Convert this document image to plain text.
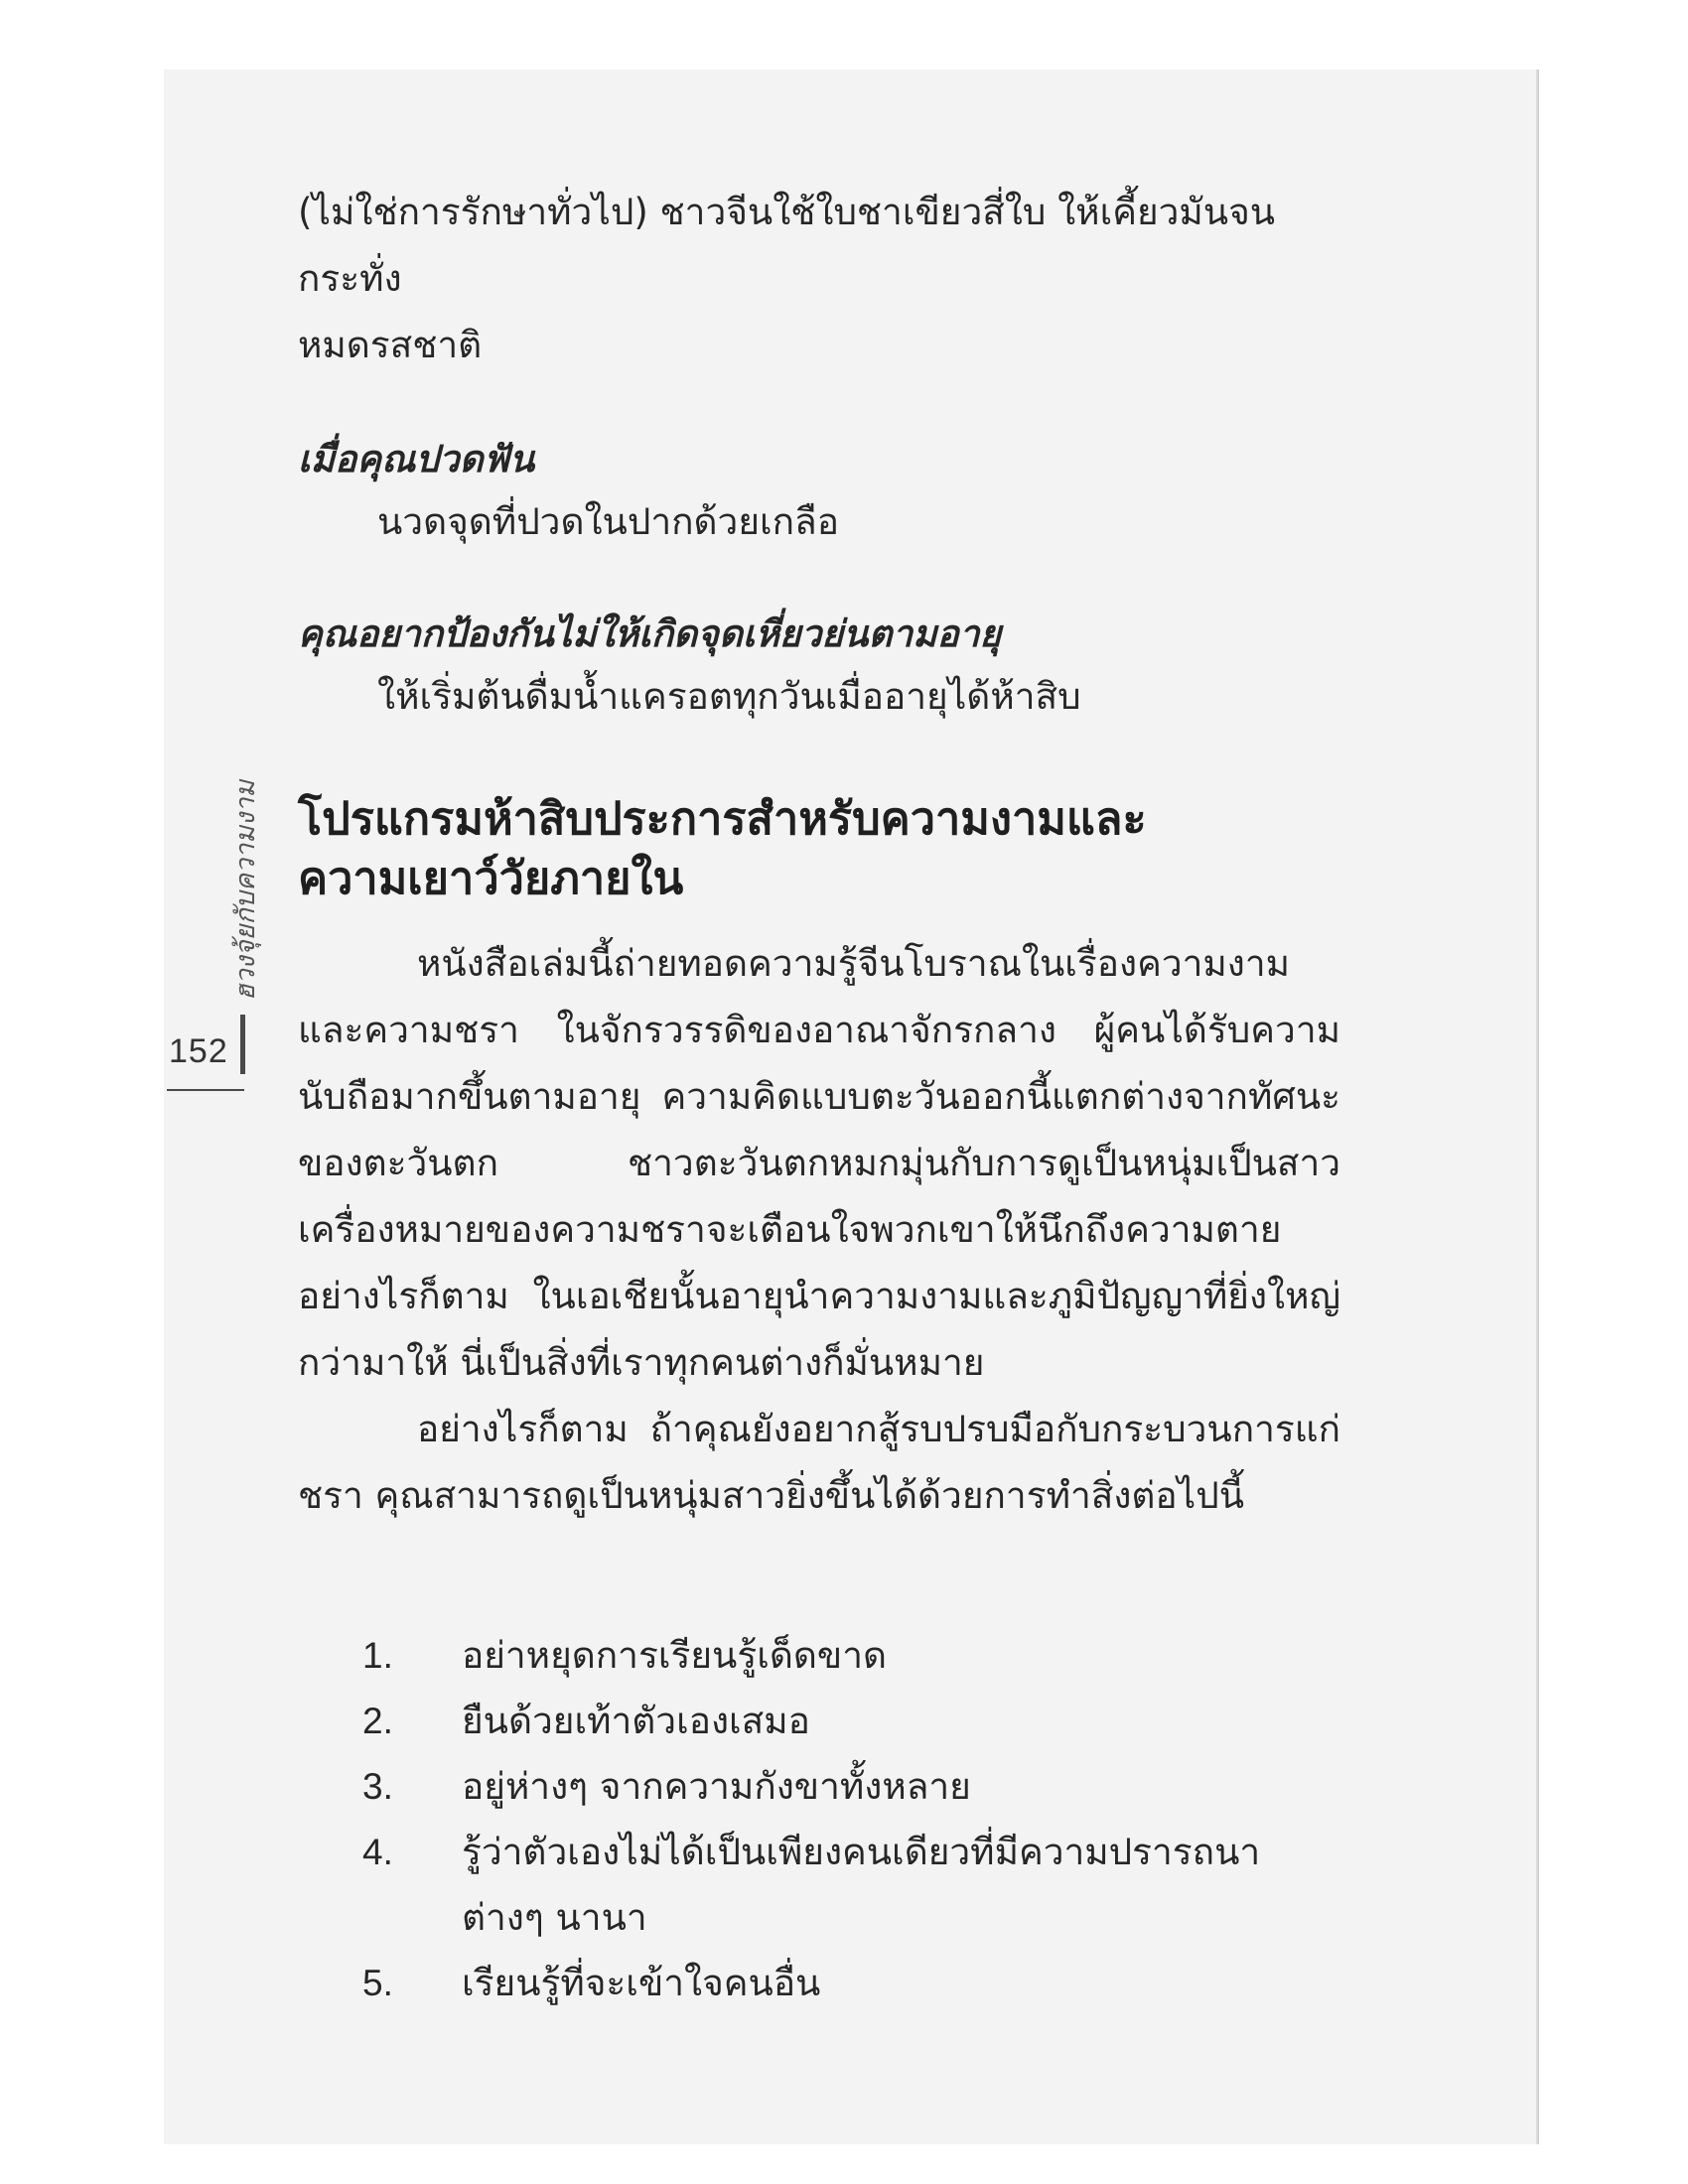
ฮวงจุ้ยกับความงาม
152

(ไม่ใช่การรักษาทั่วไป) ชาวจีนใช้ใบชาเขียวสี่ใบ ให้เคี้ยวมันจนกระทั่ง

หมดรสชาติ

เมื่อคุณปวดฟัน

นวดจุดที่ปวดในปากด้วยเกลือ

คุณอยากป้องกันไม่ให้เกิดจุดเหี่ยวย่นตามอายุ

ให้เริ่มต้นดื่มน้ำแครอตทุกวันเมื่ออายุได้ห้าสิบ

โปรแกรมห้าสิบประการสำหรับความงามและ
ความเยาว์วัยภายใน

หนังสือเล่มนี้ถ่ายทอดความรู้จีนโบราณในเรื่องความงามและความชรา ในจักรวรรดิของอาณาจักรกลาง ผู้คนได้รับความนับถือมากขึ้นตามอายุ ความคิดแบบตะวันออกนี้แตกต่างจากทัศนะของตะวันตก ชาวตะวันตกหมกมุ่นกับการดูเป็นหนุ่มเป็นสาว เครื่องหมายของความชราจะเตือนใจพวกเขาให้นึกถึงความตาย อย่างไรก็ตาม ในเอเชียนั้นอายุนำความงามและภูมิปัญญาที่ยิ่งใหญ่กว่ามาให้ นี่เป็นสิ่งที่เราทุกคนต่างก็มั่นหมาย

อย่างไรก็ตาม ถ้าคุณยังอยากสู้รบปรบมือกับกระบวนการแก่ชรา คุณสามารถดูเป็นหนุ่มสาวยิ่งขึ้นได้ด้วยการทำสิ่งต่อไปนี้

1.	อย่าหยุดการเรียนรู้เด็ดขาด
2.	ยืนด้วยเท้าตัวเองเสมอ
3.	อยู่ห่างๆ จากความกังขาทั้งหลาย
4.	รู้ว่าตัวเองไม่ได้เป็นเพียงคนเดียวที่มีความปรารถนาต่างๆ นานา
5.	เรียนรู้ที่จะเข้าใจคนอื่น
